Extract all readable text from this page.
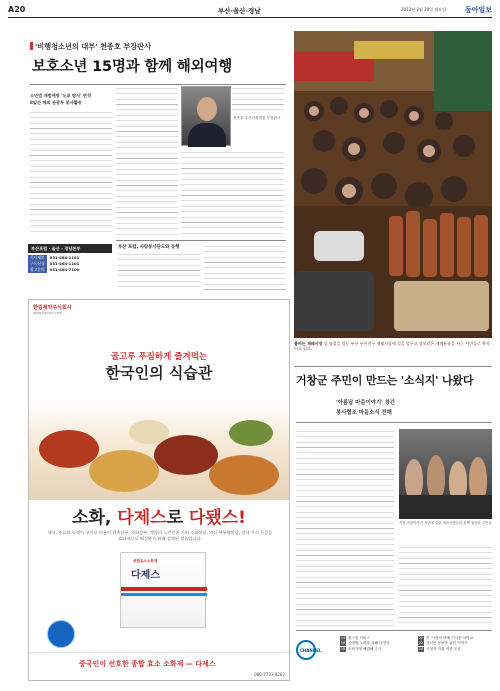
A20	부산·울산·경남	2012년 2월 20일 월요일	동아일보
'비행청소년의 대부' 천종호 부장판사
보호소년 15명과 함께 해외여행
소년범 재범예방 '도쿄 탐사' 변경
8일간 해외 관광투 봉사활동
천종호 부산가정법원 부장판사
부산 포럼, 사랑봉사단도와 동행
부산포럼 · 울산 · 경남본부
기사제보 051-464-1101
구독신청 051-464-1101
광고문의 051-464-7100
한림제약주식회사
www.hallym.com
골고루 푸짐하게 즐겨먹는
한국인의 식습관
소화, 다제스로 다됐스!
채식, 주류와 녹색이 구기로 이용이 위촉진부, 위하강부, 생각의 노란인한 가벼 소화불량, 과식 복부팽만감, 장내 가스 등증을 효과적으로 해결하기 위해 설계된 제품입니다.
종합효소소화제
다제스
중국인이 선호한 종합 효소 소화제 — 다제스
080-7733-8282
붐비는 재래시장 설 명절을 앞둔 부산 부산진구 재래시장에 설을 앞두고 장보러온 제례용품을 사는 시민들로 북적이고 있다.
거창군 주민이 만드는 '소식지' 나왔다
'아름답 마을이야기' 창간
봉사협조 마을소식 전해
거창 마을이야기 지면에 실린 마을사람들과 함께 참석한 주민들
CHANNEL
14 원스톱 서비스
16 공정할 노력을 위해 다양한
18 소비가계 해결해 주식
20 이 '사랑의 택배 기사를 마아요'
22 음식안 동양을 위한 이야기
24 시청자 자율 의견 모음
